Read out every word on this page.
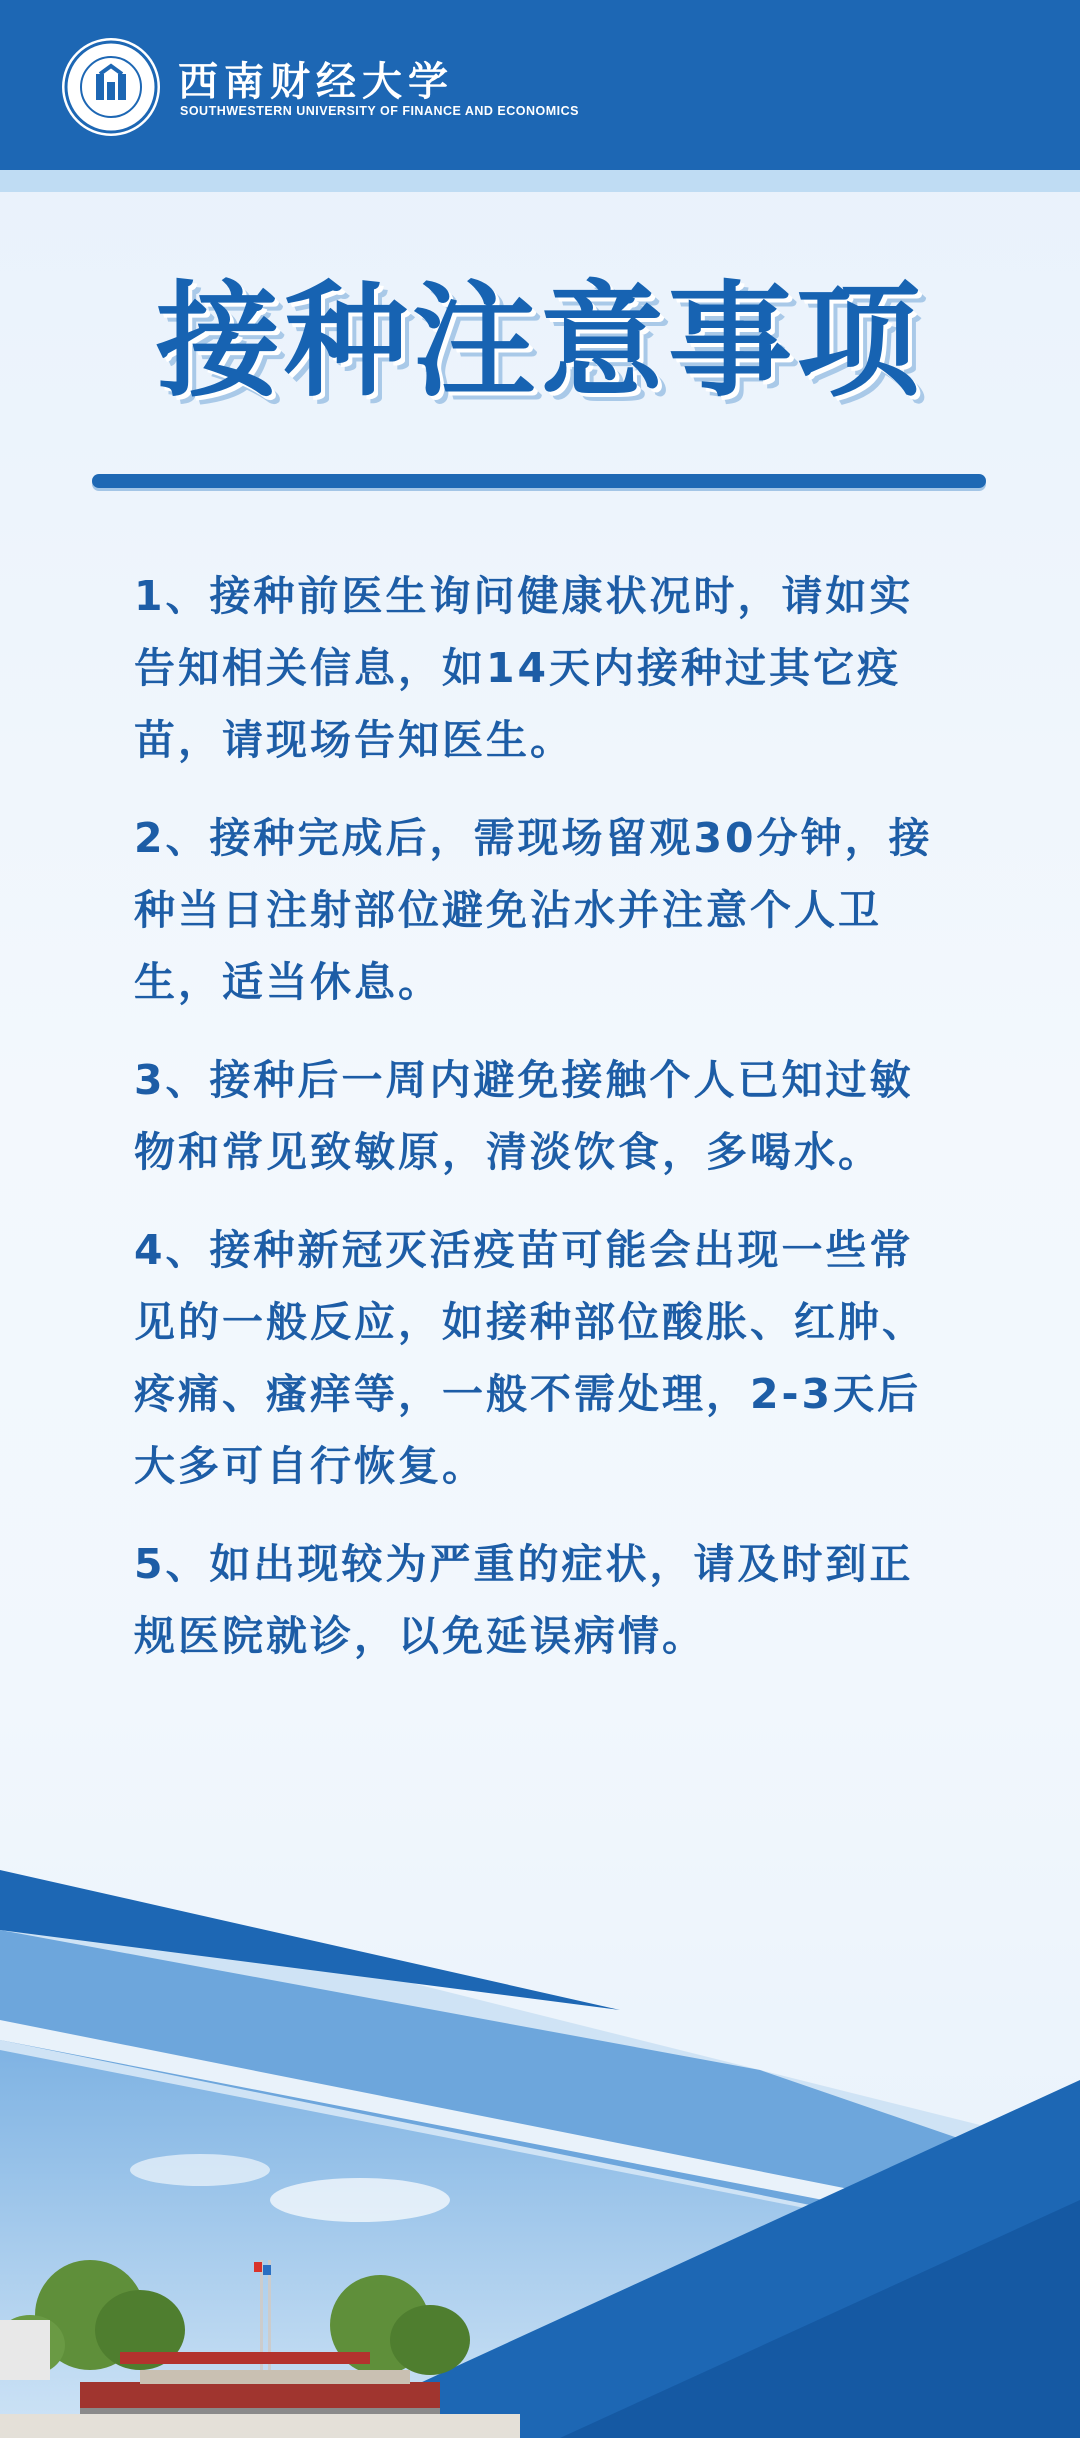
西南财经大学
SOUTHWESTERN UNIVERSITY OF FINANCE AND ECONOMICS
接种注意事项
1、接种前医生询问健康状况时，请如实告知相关信息，如14天内接种过其它疫苗，请现场告知医生。
2、接种完成后，需现场留观30分钟，接种当日注射部位避免沾水并注意个人卫生，适当休息。
3、接种后一周内避免接触个人已知过敏物和常见致敏原，清淡饮食，多喝水。
4、接种新冠灭活疫苗可能会出现一些常见的一般反应，如接种部位酸胀、红肿、疼痛、瘙痒等，一般不需处理，2-3天后大多可自行恢复。
5、如出现较为严重的症状，请及时到正规医院就诊，以免延误病情。
